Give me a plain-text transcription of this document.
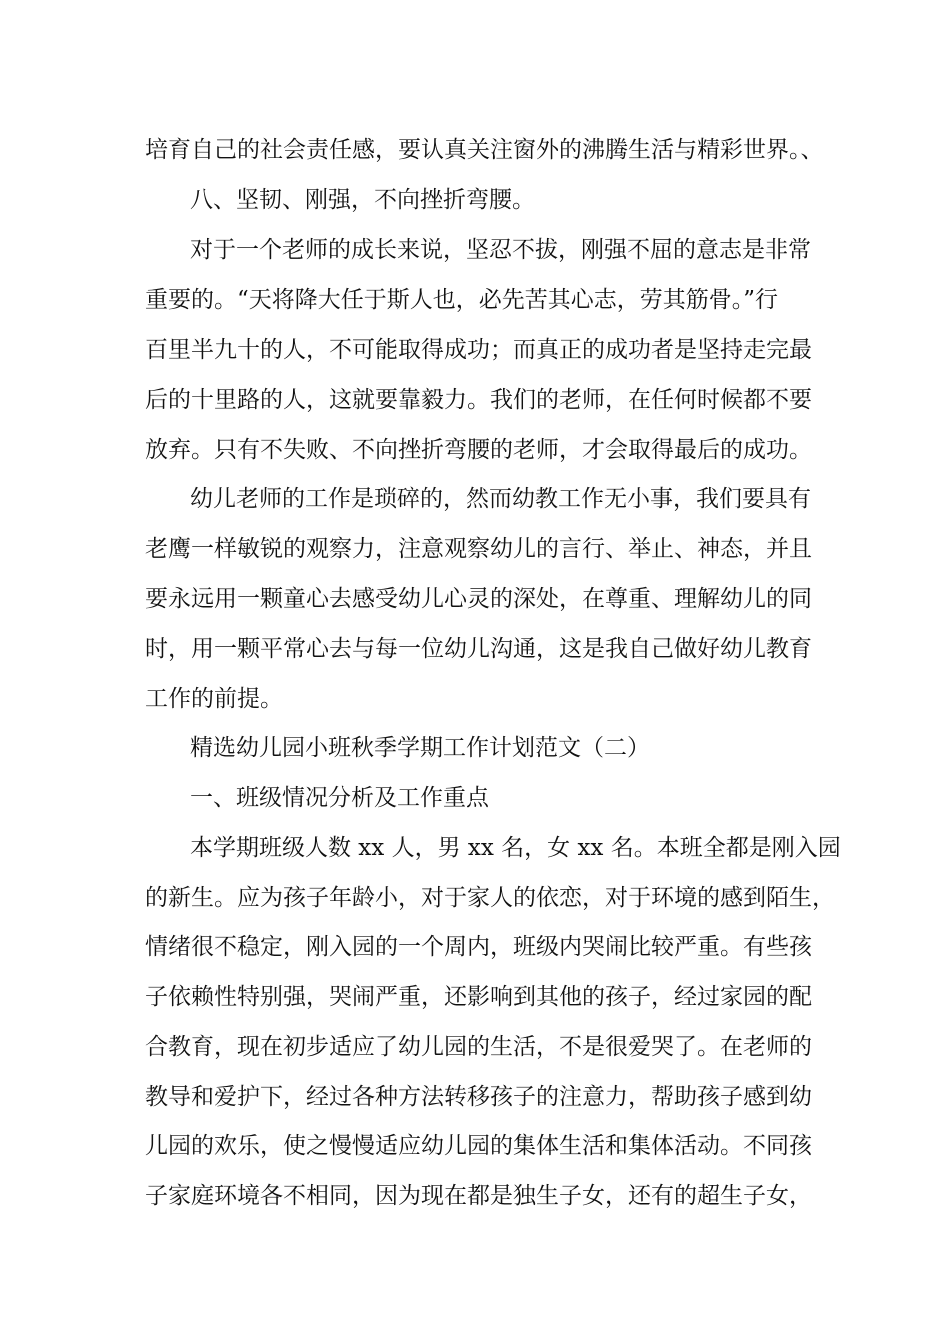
培育自己的社会责任感，要认真关注窗外的沸腾生活与精彩世界。、

八、坚韧、刚强，不向挫折弯腰。

对于一个老师的成长来说，坚忍不拔，刚强不屈的意志是非常

重要的。“天将降大任于斯人也，必先苦其心志，劳其筋骨。”行

百里半九十的人，不可能取得成功；而真正的成功者是坚持走完最

后的十里路的人，这就要靠毅力。我们的老师，在任何时候都不要

放弃。只有不失败、不向挫折弯腰的老师，才会取得最后的成功。

幼儿老师的工作是琐碎的，然而幼教工作无小事，我们要具有

老鹰一样敏锐的观察力，注意观察幼儿的言行、举止、神态，并且

要永远用一颗童心去感受幼儿心灵的深处，在尊重、理解幼儿的同

时，用一颗平常心去与每一位幼儿沟通，这是我自己做好幼儿教育

工作的前提。

精选幼儿园小班秋季学期工作计划范文（二）

一、班级情况分析及工作重点

本学期班级人数 xx 人，男 xx 名，女 xx 名。本班全都是刚入园

的新生。应为孩子年龄小，对于家人的依恋，对于环境的感到陌生，

情绪很不稳定，刚入园的一个周内，班级内哭闹比较严重。有些孩

子依赖性特别强，哭闹严重，还影响到其他的孩子，经过家园的配

合教育，现在初步适应了幼儿园的生活，不是很爱哭了。在老师的

教导和爱护下，经过各种方法转移孩子的注意力，帮助孩子感到幼

儿园的欢乐，使之慢慢适应幼儿园的集体生活和集体活动。不同孩

子家庭环境各不相同，因为现在都是独生子女，还有的超生子女，
